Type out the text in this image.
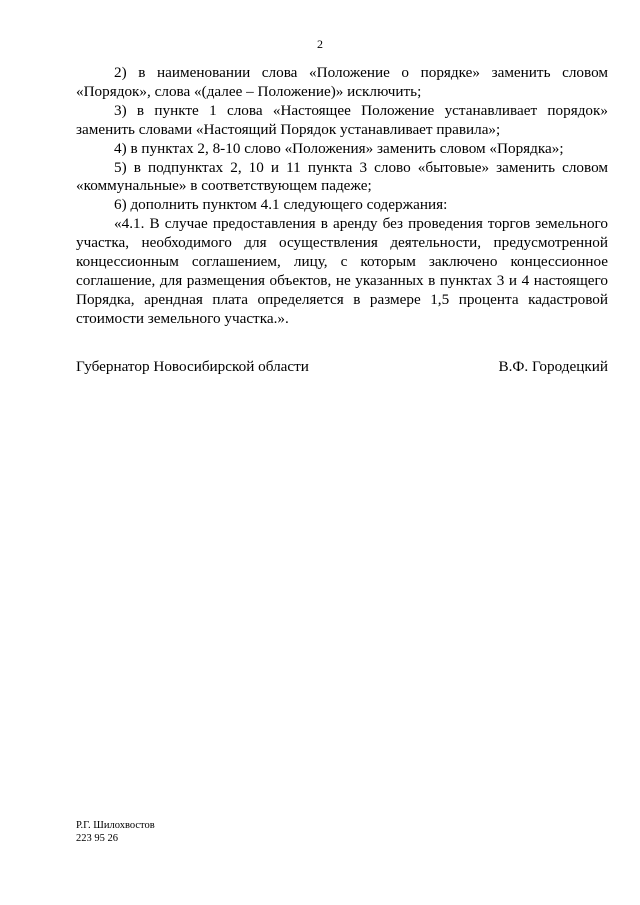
2

2) в наименовании слова «Положение о порядке» заменить словом «Порядок», слова «(далее – Положение)» исключить;

3) в пункте 1 слова «Настоящее Положение устанавливает порядок» заменить словами «Настоящий Порядок устанавливает правила»;

4) в пунктах 2, 8-10 слово «Положения» заменить словом «Порядка»;

5) в подпунктах 2, 10 и 11 пункта 3 слово «бытовые» заменить словом «коммунальные» в соответствующем падеже;

6) дополнить пунктом 4.1 следующего содержания:

«4.1. В случае предоставления в аренду без проведения торгов земельного участка, необходимого для осуществления деятельности, предусмотренной концессионным соглашением, лицу, с которым заключено концессионное соглашение, для размещения объектов, не указанных в пунктах 3 и 4 настоящего Порядка, арендная плата определяется в размере 1,5 процента кадастровой стоимости земельного участка.».

Губернатор Новосибирской области	В.Ф. Городецкий
Р.Г. Шилохвостов
223 95 26
